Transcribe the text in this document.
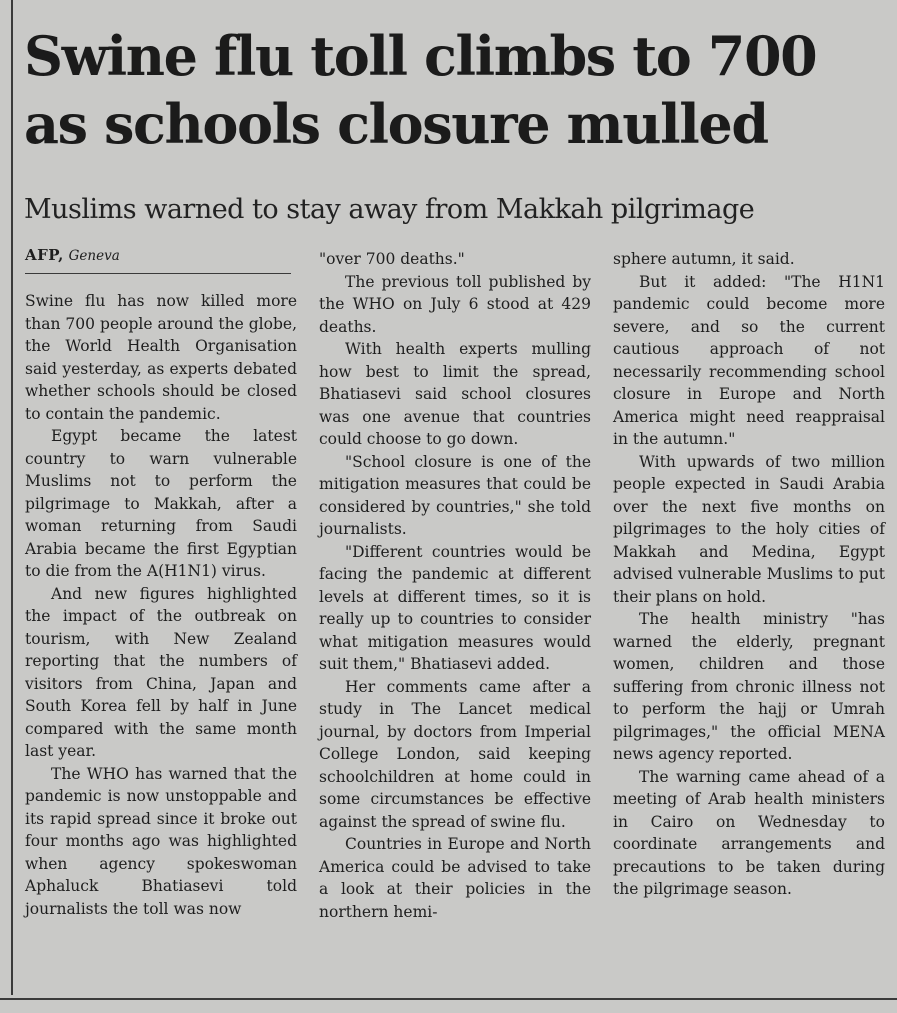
Swine flu toll climbs to 700
as schools closure mulled
Muslims warned to stay away from Makkah pilgrimage
AFP, Geneva

Swine flu has now killed more than 700 people around the globe, the World Health Organisation said yesterday, as experts debated whether schools should be closed to contain the pandemic.

Egypt became the latest country to warn vulnerable Muslims not to perform the pilgrimage to Makkah, after a woman returning from Saudi Arabia became the first Egyptian to die from the A(H1N1) virus.

And new figures highlighted the impact of the outbreak on tourism, with New Zealand reporting that the numbers of visitors from China, Japan and South Korea fell by half in June compared with the same month last year.

The WHO has warned that the pandemic is now unstoppable and its rapid spread since it broke out four months ago was highlighted when agency spokeswoman Aphaluck Bhatiasevi told journalists the toll was now

"over 700 deaths."

The previous toll published by the WHO on July 6 stood at 429 deaths.

With health experts mulling how best to limit the spread, Bhatiasevi said school closures was one avenue that countries could choose to go down.

"School closure is one of the mitigation measures that could be considered by countries," she told journalists.

"Different countries would be facing the pandemic at different levels at different times, so it is really up to countries to consider what mitigation measures would suit them," Bhatiasevi added.

Her comments came after a study in The Lancet medical journal, by doctors from Imperial College London, said keeping schoolchildren at home could in some circumstances be effective against the spread of swine flu.

Countries in Europe and North America could be advised to take a look at their policies in the northern hemi-

sphere autumn, it said.

But it added: "The H1N1 pandemic could become more severe, and so the current cautious approach of not necessarily recommending school closure in Europe and North America might need reappraisal in the autumn."

With upwards of two million people expected in Saudi Arabia over the next five months on pilgrimages to the holy cities of Makkah and Medina, Egypt advised vulnerable Muslims to put their plans on hold.

The health ministry "has warned the elderly, pregnant women, children and those suffering from chronic illness not to perform the hajj or Umrah pilgrimages," the official MENA news agency reported.

The warning came ahead of a meeting of Arab health ministers in Cairo on Wednesday to coordinate arrangements and precautions to be taken during the pilgrimage season.
